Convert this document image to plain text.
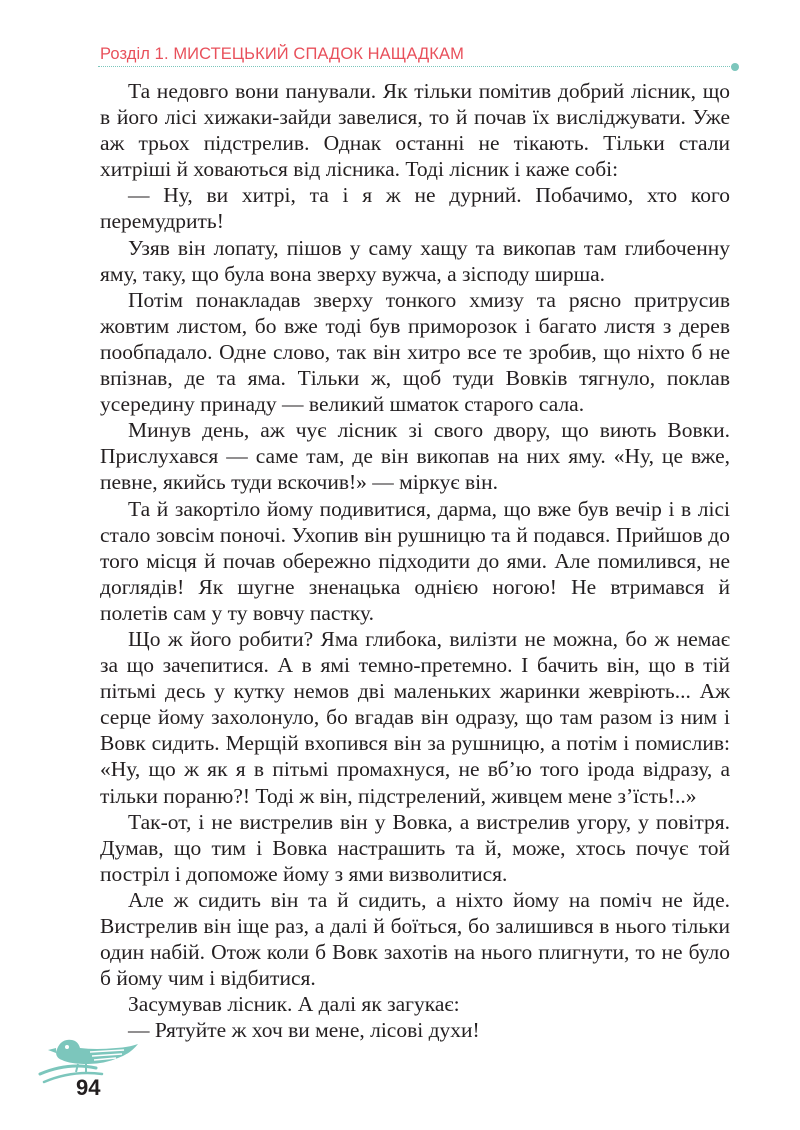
Розділ 1. МИСТЕЦЬКИЙ СПАДОК НАЩАДКАМ

Та недовго вони панували. Як тільки помітив добрий лісник, що в його лісі хижаки-зайди завелися, то й почав їх висліджувати. Уже аж трьох підстрелив. Однак останні не тікають. Тільки стали хитріші й ховаються від лісника. Тоді лісник і каже собі:

— Ну, ви хитрі, та і я ж не дурний. Побачимо, хто кого перемудрить!

Узяв він лопату, пішов у саму хащу та викопав там глибоченну яму, таку, що була вона зверху вужча, а зісподу ширша.

Потім понакладав зверху тонкого хмизу та рясно притрусив жовтим листом, бо вже тоді був приморозок і багато листя з дерев пообпадало. Одне слово, так він хитро все те зробив, що ніхто б не впізнав, де та яма. Тільки ж, щоб туди Вовків тягнуло, поклав усередину принаду — великий шматок старого сала.

Минув день, аж чує лісник зі свого двору, що виють Вовки. Прислухався — саме там, де він викопав на них яму. «Ну, це вже, певне, якийсь туди вскочив!» — міркує він.

Та й закортіло йому подивитися, дарма, що вже був вечір і в лісі стало зовсім поночі. Ухопив він рушницю та й подався. Прийшов до того місця й почав обережно підходити до ями. Але помилився, не доглядів! Як шугне зненацька однією ногою! Не втримався й полетів сам у ту вовчу пастку.

Що ж його робити? Яма глибока, вилізти не можна, бо ж немає за що зачепитися. А в ямі темно-претемно. І бачить він, що в тій пітьмі десь у кутку немов дві маленьких жаринки жевріють... Аж серце йому захолонуло, бо вгадав він одразу, що там разом із ним і Вовк сидить. Мерщій вхопився він за рушницю, а потім і помислив: «Ну, що ж як я в пітьмі промахнуся, не вб’ю того ірода відразу, а тільки пораню?! Тоді ж він, підстрелений, живцем мене з’їсть!..»

Так-от, і не вистрелив він у Вовка, а вистрелив угору, у повітря. Думав, що тим і Вовка настрашить та й, може, хтось почує той постріл і допоможе йому з ями визволитися.

Але ж сидить він та й сидить, а ніхто йому на поміч не йде. Вистрелив він іще раз, а далі й боїться, бо залишився в нього тільки один набій. Отож коли б Вовк захотів на нього плигнути, то не було б йому чим і відбитися.

Засумував лісник. А далі як загукає:

— Рятуйте ж хоч ви мене, лісові духи!

94
